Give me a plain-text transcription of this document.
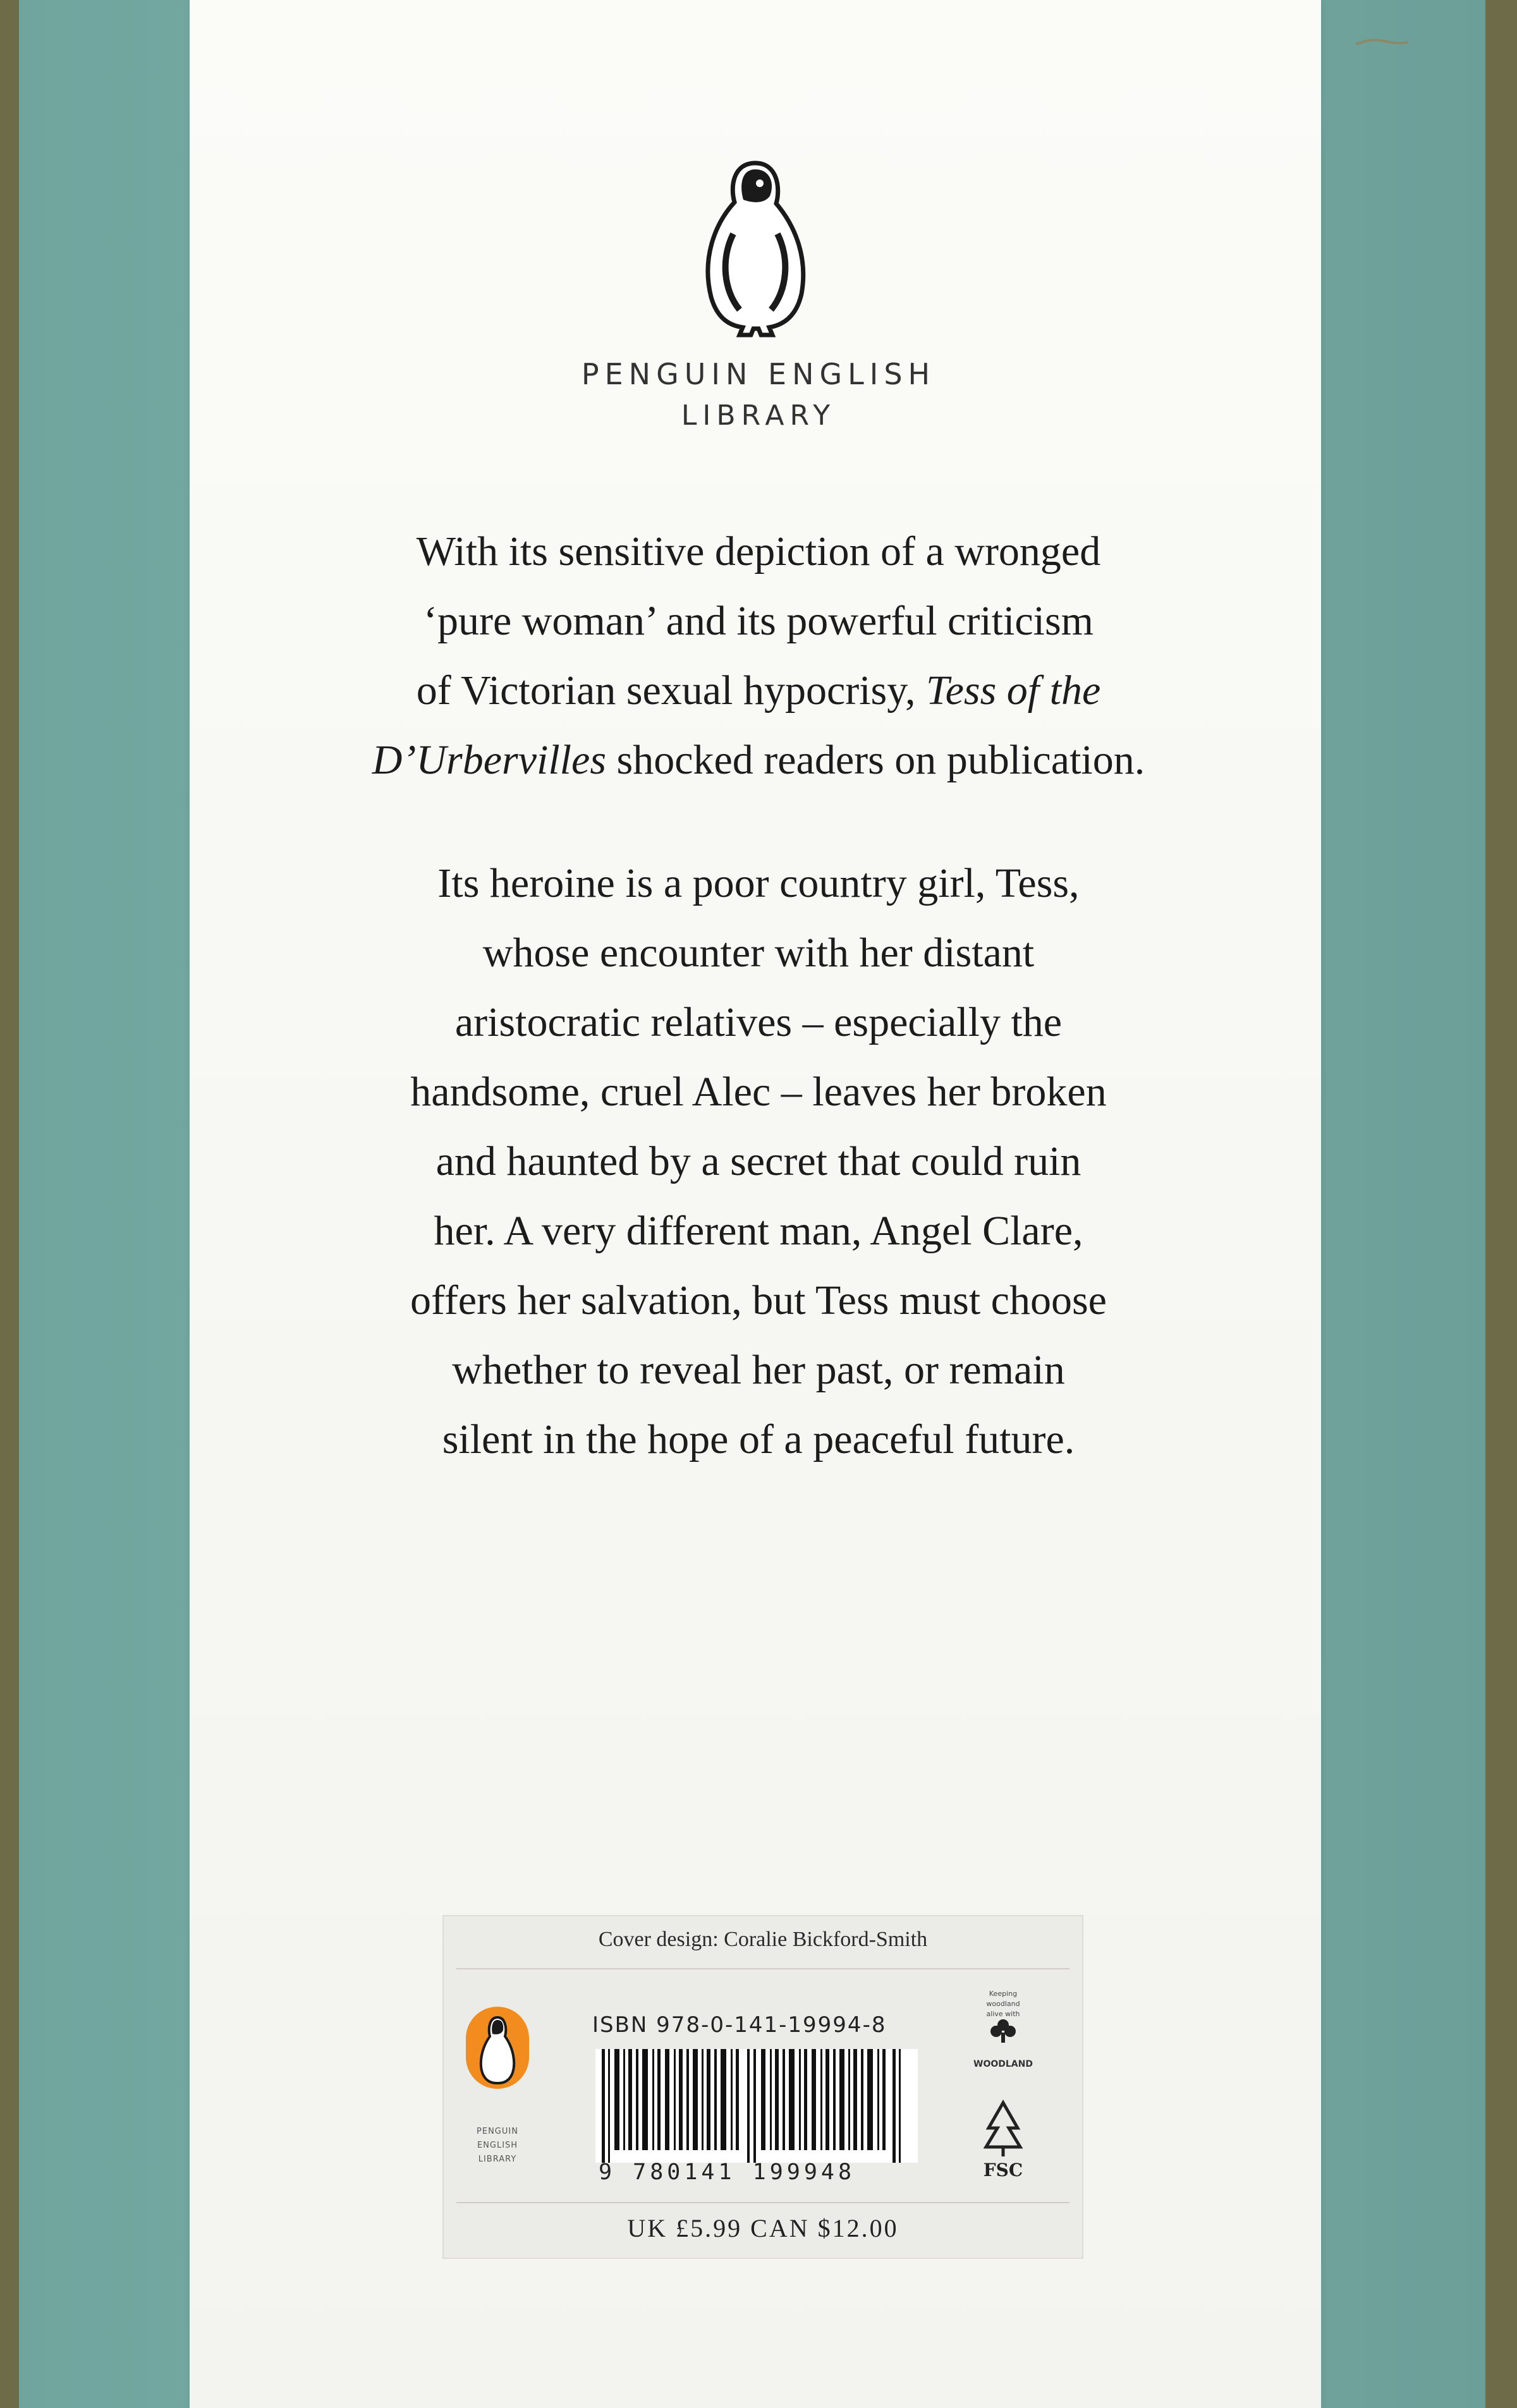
PENGUIN ENGLISH
LIBRARY
With its sensitive depiction of a wronged
‘pure woman’ and its powerful criticism
of Victorian sexual hypocrisy, Tess of the
D’Urbervilles shocked readers on publication.
Its heroine is a poor country girl, Tess,
whose encounter with her distant
aristocratic relatives – especially the
handsome, cruel Alec – leaves her broken
and haunted by a secret that could ruin
her. A very different man, Angel Clare,
offers her salvation, but Tess must choose
whether to reveal her past, or remain
silent in the hope of a peaceful future.
Cover design: Coralie Bickford-Smith
PENGUIN
ENGLISH
LIBRARY
ISBN 978-0-141-19994-8
9 780141 199948
Keeping
woodland
alive with
WOODLAND
FSC
UK £5.99 CAN $12.00
